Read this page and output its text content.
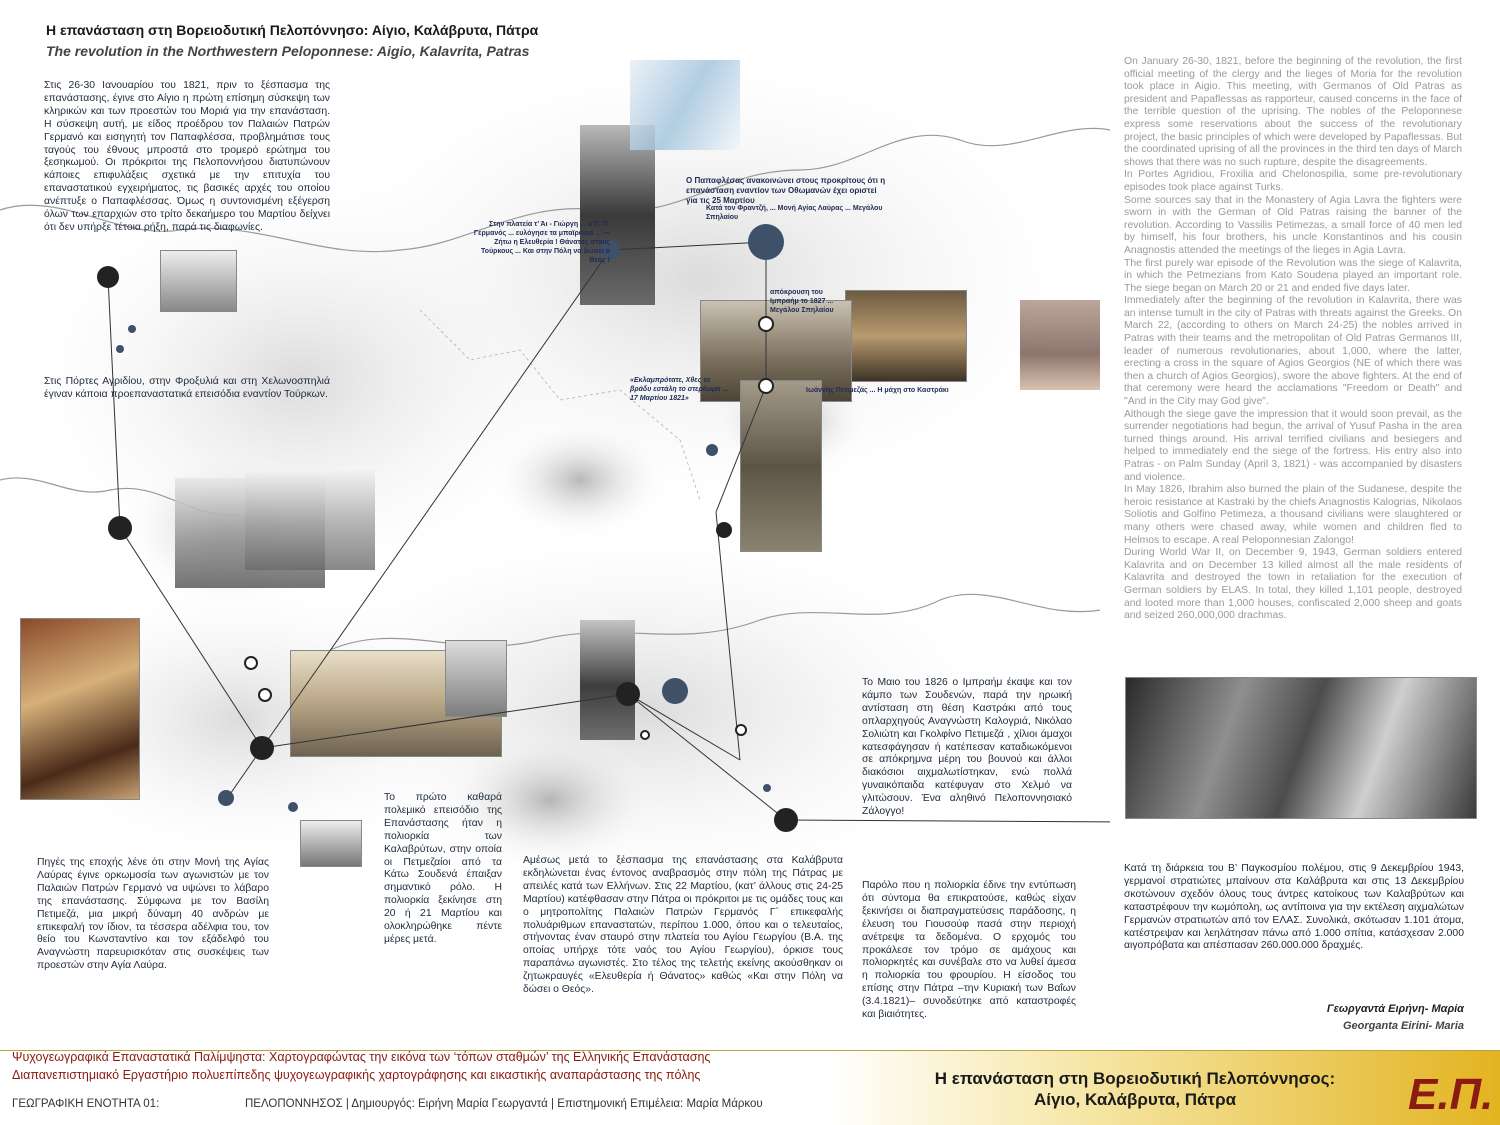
Η επανάσταση στη Βορειοδυτική Πελοπόννησο: Αίγιο, Καλάβρυτα, Πάτρα
The revolution in the Northwestern Peloponnese: Aigio, Kalavrita, Patras
Ο Παπαφλέσας ανακοινώνει στους προκρίτους ότι η επανάσταση εναντίον των Οθωμανών έχει οριστεί για τις 25 Μαρτίου
Στην πλατεία τ’ Άι - Γιώργη ... ο Π. Π. Γερμανός ... ευλόγησε τα μπαϊράκια ... — Ζήτω η Ελευθερία ! Θάνατος στους Τούρκους ... Και στην Πόλη να δώσει ο Θεός !
«Εκλαμπρότατε, Χθες το βράδυ εστάλη το στερέωμα ... 17 Μαρτίου 1821»
Ιωάννης Πετιμεζάς ... Η μάχη στο Καστράκι
απόκρουση του Ιμπραήμ το 1827 ... Μεγάλου Σπηλαίου
Κατά τον Φραντζή, ... Μονή Αγίας Λαύρας ... Μεγάλου Σπηλαίου

Στις 26-30 Ιανουαρίου του 1821, πριν το ξέσπασμα της επανάστασης, έγινε στο Αίγιο η πρώτη επίσημη σύσκεψη των κληρικών και των προεστών του Μοριά για την επανάσταση. Η σύσκεψη αυτή, με είδος προέδρου τον Παλαιών Πατρών Γερμανό και εισηγητή τον Παπαφλέσσα, προβλημάτισε τους ταγούς του έθνους μπροστά στο τρομερό ερώτημα του ξεσηκωμού. Οι πρόκριτοι της Πελοποννήσου διατυπώνουν κάποιες επιφυλάξεις σχετικά με την επιτυχία του επαναστατικού εγχειρήματος, τις βασικές αρχές του οποίου ανέπτυξε ο Παπαφλέσσας. Όμως η συντονισμένη εξέγερση όλων των επαρχιών στο τρίτο δεκαήμερο του Μαρτίου δείχνει ότι δεν υπήρξε τέτοια ρήξη, παρά τις διαφωνίες.

Στις Πόρτες Αγριδίου, στην Φροξυλιά και στη Χελωνοσπηλιά έγιναν κάποια προεπαναστατικά επεισόδια εναντίον Τούρκων.

Πηγές της εποχής λένε ότι στην Μονή της Αγίας Λαύρας έγινε ορκωμοσία των αγωνιστών με τον Παλαιών Πατρών Γερμανό να υψώνει το λάβαρο της επανάστασης. Σύμφωνα με τον Βασίλη Πετιμεζά, μια μικρή δύναμη 40 ανδρών με επικεφαλή τον ίδιον, τα τέσσερα αδέλφια του, τον θείο του Κωνσταντίνο και τον εξάδελφό του Αναγνώστη παρευρισκόταν στις συσκέψεις των προεστών στην Αγία Λαύρα.

Το πρώτο καθαρά πολεμικό επεισόδιο της Επανάστασης ήταν η πολιορκία των Καλαβρύτων, στην οποία οι Πετμεζαίοι από τα Κάτω Σουδενά έπαιξαν σημαντικό ρόλο. Η πολιορκία ξεκίνησε στη 20 ή 21 Μαρτίου και ολοκληρώθηκε πέντε μέρες μετά.

Αμέσως μετά το ξέσπασμα της επανάστασης στα Καλάβρυτα εκδηλώνεται ένας έντονος αναβρασμός στην πόλη της Πάτρας με απειλές κατά των Ελλήνων. Στις 22 Μαρτίου, (κατ’ άλλους στις 24-25 Μαρτίου) κατέφθασαν στην Πάτρα οι πρόκριτοι με τις ομάδες τους και ο μητροπολίτης Παλαιών Πατρών Γερμανός Γ΄ επικεφαλής πολυάριθμων επαναστατών, περίπου 1.000, όπου και ο τελευταίος, στήνοντας έναν σταυρό στην πλατεία του Αγίου Γεωργίου (Β.Α. της οποίας υπήρχε τότε ναός του Αγίου Γεωργίου), όρκισε τους παραπάνω αγωνιστές. Στο τέλος της τελετής εκείνης ακούσθηκαν οι ζητωκραυγές «Ελευθερία ή Θάνατος» καθώς «Και στην Πόλη να δώσει ο Θεός».

Το Μαιο του 1826 ο Ιμπραήμ έκαψε και τον κάμπο των Σουδενών, παρά την ηρωική αντίσταση στη θέση Καστράκι από τους οπλαρχηγούς Αναγνώστη Καλογριά, Νικόλαο Σολιώτη και Γκολφίνο Πετιμεζά , χίλιοι άμαχοι κατεσφάγησαν ή κατέπεσαν καταδιωκόμενοι σε απόκρημνα μέρη του βουνού και άλλοι διακόσιοι αιχμαλωτίστηκαν, ενώ πολλά γυναικόπαιδα κατέφυγαν στο Χελμό να γλιτώσουν. Ένα αληθινό Πελοποννησιακό Ζάλογγο!

Παρόλο που η πολιορκία έδινε την εντύπωση ότι σύντομα θα επικρατούσε, καθώς είχαν ξεκινήσει οι διαπραγματεύσεις παράδοσης, η έλευση του Γιουσούφ πασά στην περιοχή ανέτρεψε τα δεδομένα. Ο ερχομός του προκάλεσε τον τρόμο σε αμάχους και πολιορκητές και συνέβαλε στο να λυθεί άμεσα η πολιορκία του φρουρίου. Η είσοδος του επίσης στην Πάτρα –την Κυριακή των Βαΐων (3.4.1821)– συνοδεύτηκε από καταστροφές και βιαιότητες.

On January 26-30, 1821, before the beginning of the revolution, the first official meeting of the clergy and the lieges of Moria for the revolution took place in Aigio. This meeting, with Germanos of Old Patras as president and Papaflessas as rapporteur, caused concerns in the face of the terrible question of the uprising. The nobles of the Peloponnese express some reservations about the success of the revolutionary project, the basic principles of which were developed by Papaflessas. But the coordinated uprising of all the provinces in the third ten days of March shows that there was no such rupture, despite the disagreements.
In Portes Agridiou, Froxilia and Chelonospilia, some pre-revolutionary episodes took place against Turks.
Some sources say that in the Monastery of Agia Lavra the fighters were sworn in with the German of Old Patras raising the banner of the revolution. According to Vassilis Petimezas, a small force of 40 men led by himself, his four brothers, his uncle Konstantinos and his cousin Anagnostis attended the meetings of the lieges in Agia Lavra.
The first purely war episode of the Revolution was the siege of Kalavrita, in which the Petmezians from Kato Soudena played an important role. The siege began on March 20 or 21 and ended five days later.
Immediately after the beginning of the revolution in Kalavrita, there was an intense tumult in the city of Patras with threats against the Greeks. On March 22, (according to others on March 24-25) the nobles arrived in Patras with their teams and the metropolitan of Old Patras Germanos III, leader of numerous revolutionaries, about 1,000, where the latter, erecting a cross in the square of Agios Georgios (NE of which there was then a church of Agios Georgios), swore the above fighters. At the end of that ceremony were heard the acclamations "Freedom or Death" and "And in the City may God give".
Although the siege gave the impression that it would soon prevail, as the surrender negotiations had begun, the arrival of Yusuf Pasha in the area turned things around. His arrival terrified civilians and besiegers and helped to immediately end the siege of the fortress. His entry also into Patras - on Palm Sunday (April 3, 1821) - was accompanied by disasters and violence.
In May 1826, Ibrahim also burned the plain of the Sudanese, despite the heroic resistance at Kastraki by the chiefs Anagnostis Kalogrias, Nikolaos Soliotis and Golfino Petimeza, a thousand civilians were slaughtered or many others were chased away, while women and children fled to Helmos to escape. A real Peloponnesian Zalongo!
During World War II, on December 9, 1943, German soldiers entered Kalavrita and on December 13 killed almost all the male residents of Kalavrita and destroyed the town in retaliation for the execution of German soldiers by ELAS. In total, they killed 1,101 people, destroyed and looted more than 1,000 houses, confiscated 2,000 sheep and goats and seized 260,000,000 drachmas.

Κατά τη διάρκεια του Β’ Παγκοσμίου πολέμου, στις 9 Δεκεμβρίου 1943, γερμανοί στρατιώτες μπαίνουν στα Καλάβρυτα και στις 13 Δεκεμβρίου σκοτώνουν σχεδόν όλους τους άντρες κατοίκους των Καλαβρύτων και καταστρέφουν την κωμόπολη, ως αντίποινα για την εκτέλεση αιχμαλώτων Γερμανών στρατιωτών από τον ΕΛΑΣ. Συνολικά, σκότωσαν 1.101 άτομα, κατέστρεψαν και λεηλάτησαν πάνω από 1.000 σπίτια, κατάσχεσαν 2.000 αιγοπρόβατα και απέσπασαν 260.000.000 δραχμές.

Γεωργαντά Ειρήνη- Μαρία
Georganta Eirini- Maria
Ψυχογεωγραφικά Επαναστατικά Παλίμψηστα: Χαρτογραφώντας την εικόνα των ‘τόπων σταθμών’ της Ελληνικής Επανάστασης
Διαπανεπιστημιακό Εργαστήριο πολυεπίπεδης ψυχογεωγραφικής χαρτογράφησης και εικαστικής αναπαράστασης της πόλης
ΓΕΩΓΡΑΦΙΚΗ ΕΝΟΤΗΤΑ 01:	ΠΕΛΟΠΟΝΝΗΣΟΣ | Δημιουργός: Ειρήνη Μαρία Γεωργαντά | Επιστημονική Επιμέλεια: Μαρία Μάρκου
Η επανάσταση στη Βορειοδυτική Πελοπόννησος:
Αίγιο, Καλάβρυτα, Πάτρα	Ε.Π.
